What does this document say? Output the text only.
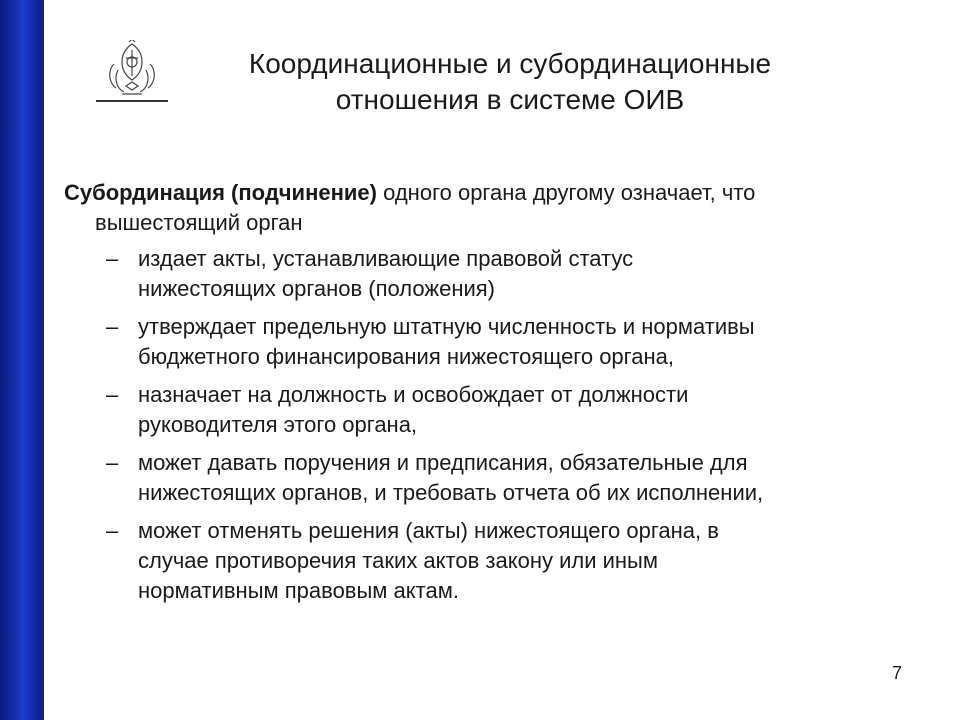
Координационные и субординационные
отношения в системе ОИВ

Субординация (подчинение) одного органа другому означает, что

вышестоящий орган

– издает акты, устанавливающие правовой статус
нижестоящих органов (положения)
– утверждает предельную штатную численность и нормативы
бюджетного финансирования нижестоящего органа,
– назначает на должность и освобождает от должности
руководителя этого органа,
– может давать поручения и предписания, обязательные для
нижестоящих органов, и требовать отчета об их исполнении,
– может отменять решения (акты) нижестоящего органа, в
случае противоречия таких актов закону или иным
нормативным правовым актам.
7
